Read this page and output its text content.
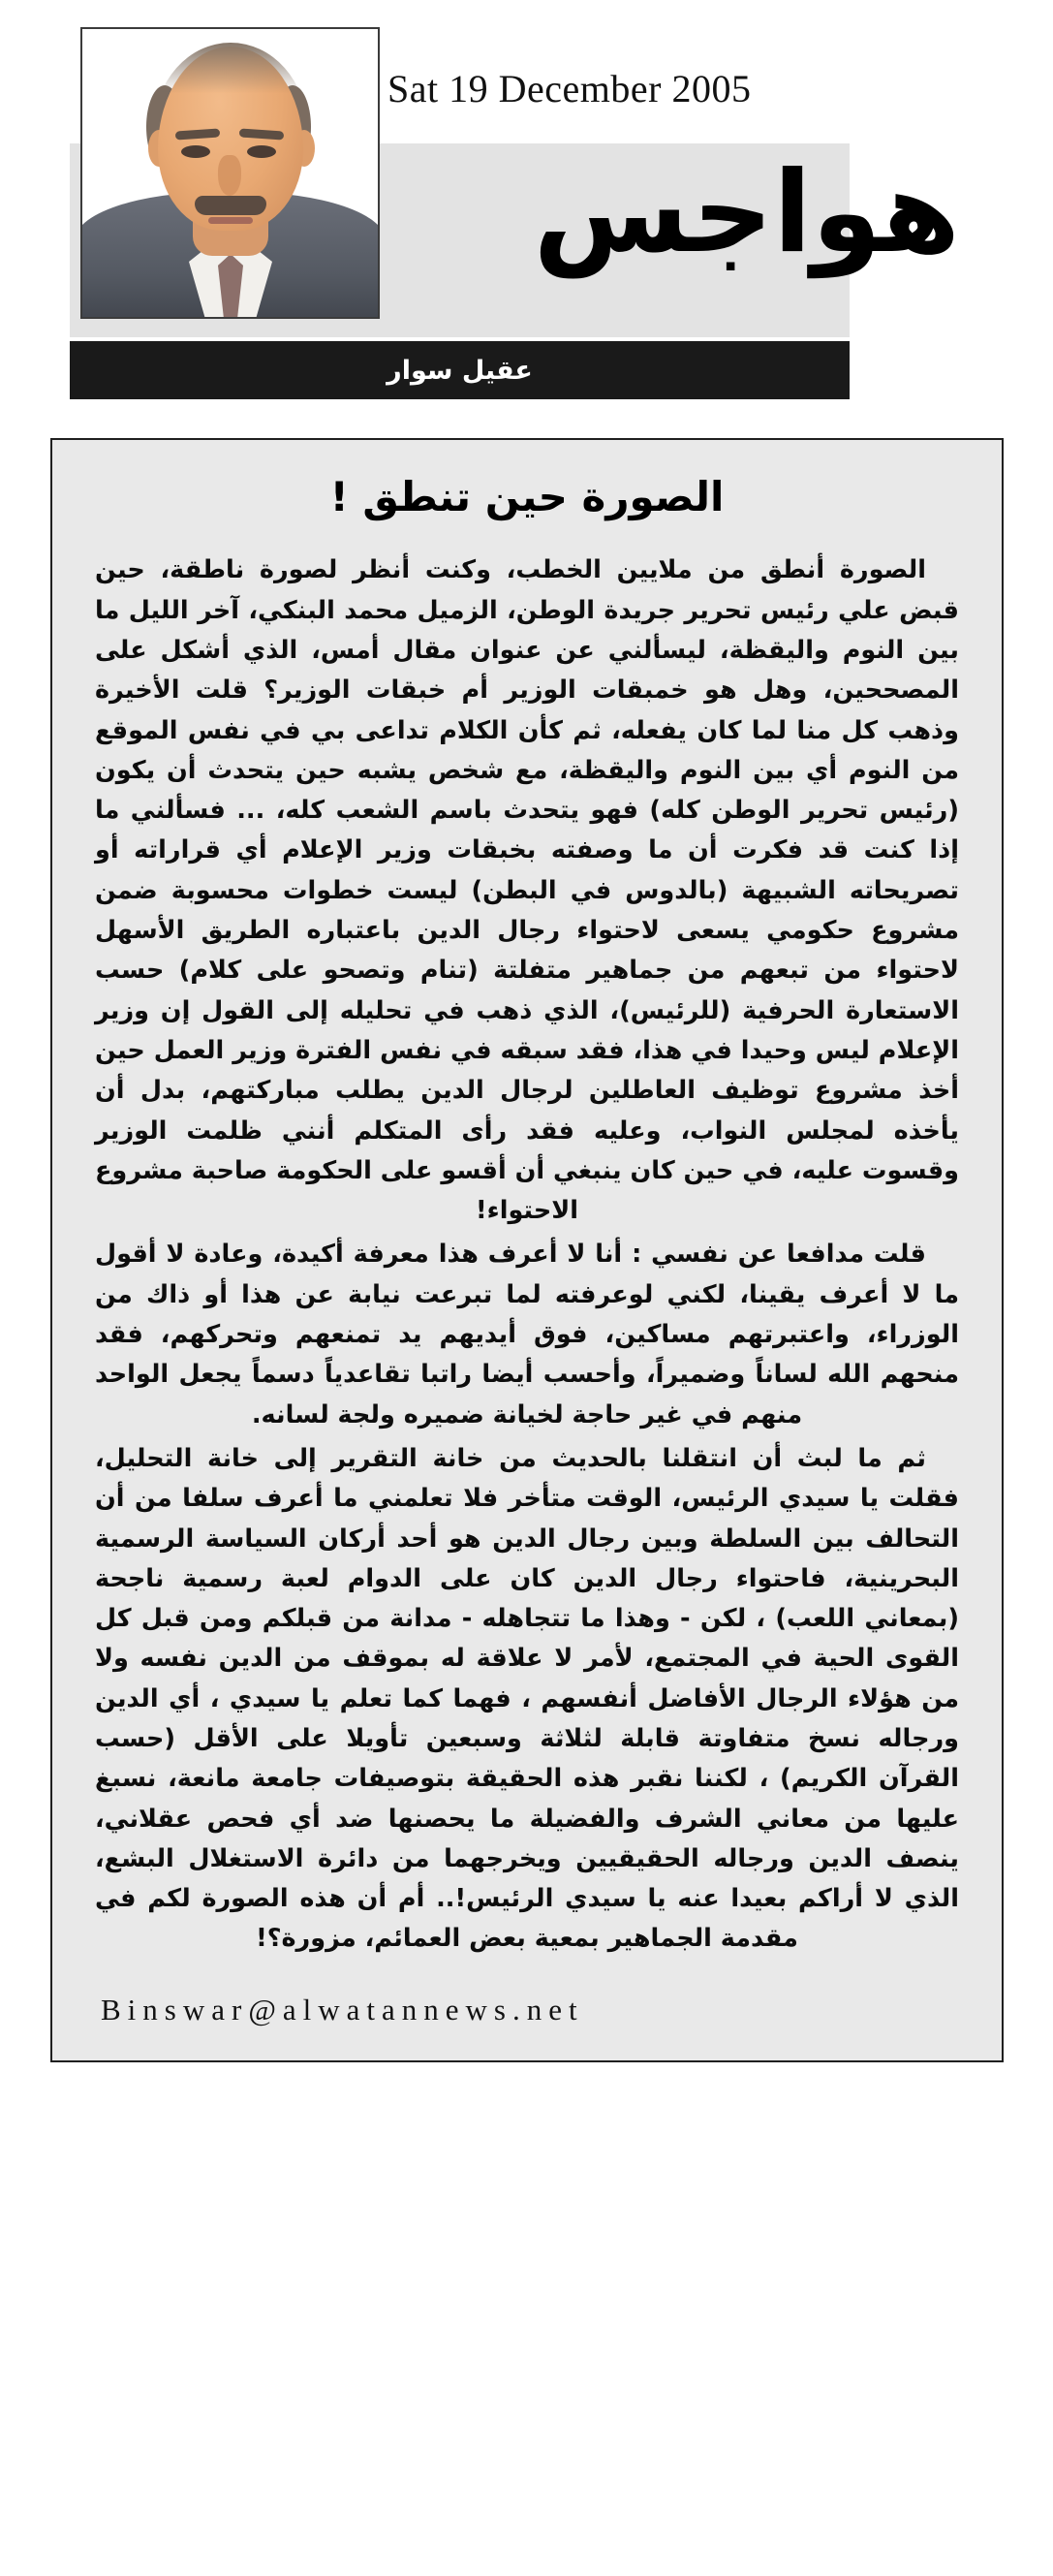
Sat 19 December 2005
هواجس
عقيل سوار
الصورة حين تنطق !

الصورة أنطق من ملايين الخطب، وكنت أنظر لصورة ناطقة، حين قبض علي رئيس تحرير جريدة الوطن، الزميل محمد البنكي، آخر الليل ما بين النوم واليقظة، ليسألني عن عنوان مقال أمس، الذي أشكل على المصححين، وهل هو خمبقات الوزير أم خبقات الوزير؟ قلت الأخيرة وذهب كل منا لما كان يفعله، ثم كأن الكلام تداعى بي في نفس الموقع من النوم أي بين النوم واليقظة، مع شخص يشبه حين يتحدث أن يكون (رئيس تحرير الوطن كله) فهو يتحدث باسم الشعب كله، ... فسألني ما إذا كنت قد فكرت أن ما وصفته بخبقات وزير الإعلام أي قراراته أو تصريحاته الشبيهة (بالدوس في البطن) ليست خطوات محسوبة ضمن مشروع حكومي يسعى لاحتواء رجال الدين باعتباره الطريق الأسهل لاحتواء من تبعهم من جماهير متفلتة (تنام وتصحو على كلام) حسب الاستعارة الحرفية (للرئيس)، الذي ذهب في تحليله إلى القول إن وزير الإعلام ليس وحيدا في هذا، فقد سبقه في نفس الفترة وزير العمل حين أخذ مشروع توظيف العاطلين لرجال الدين يطلب مباركتهم، بدل أن يأخذه لمجلس النواب، وعليه فقد رأى المتكلم أنني ظلمت الوزير وقسوت عليه، في حين كان ينبغي أن أقسو على الحكومة صاحبة مشروع الاحتواء!

قلت مدافعا عن نفسي : أنا لا أعرف هذا معرفة أكيدة، وعادة لا أقول ما لا أعرف يقينا، لكني لوعرفته لما تبرعت نيابة عن هذا أو ذاك من الوزراء، واعتبرتهم مساكين، فوق أيديهم يد تمنعهم وتحركهم، فقد منحهم الله لساناً وضميراً، وأحسب أيضا راتبا تقاعدياً دسماً يجعل الواحد منهم في غير حاجة لخيانة ضميره ولجة لسانه.

ثم ما لبث أن انتقلنا بالحديث من خانة التقرير إلى خانة التحليل، فقلت يا سيدي الرئيس، الوقت متأخر فلا تعلمني ما أعرف سلفا من أن التحالف بين السلطة وبين رجال الدين هو أحد أركان السياسة الرسمية البحرينية، فاحتواء رجال الدين كان على الدوام لعبة رسمية ناجحة (بمعاني اللعب) ، لكن - وهذا ما تتجاهله - مدانة من قبلكم ومن قبل كل القوى الحية في المجتمع، لأمر لا علاقة له بموقف من الدين نفسه ولا من هؤلاء الرجال الأفاضل أنفسهم ، فهما كما تعلم يا سيدي ، أي الدين ورجاله نسخ متفاوتة قابلة لثلاثة وسبعين تأويلا على الأقل (حسب القرآن الكريم) ، لكننا نقبر هذه الحقيقة بتوصيفات جامعة مانعة، نسبغ عليها من معاني الشرف والفضيلة ما يحصنها ضد أي فحص عقلاني، ينصف الدين ورجاله الحقيقيين ويخرجهما من دائرة الاستغلال البشع، الذي لا أراكم بعيدا عنه يا سيدي الرئيس!.. أم أن هذه الصورة لكم في مقدمة الجماهير بمعية بعض العمائم، مزورة؟!

Binswar@alwatannews.net
